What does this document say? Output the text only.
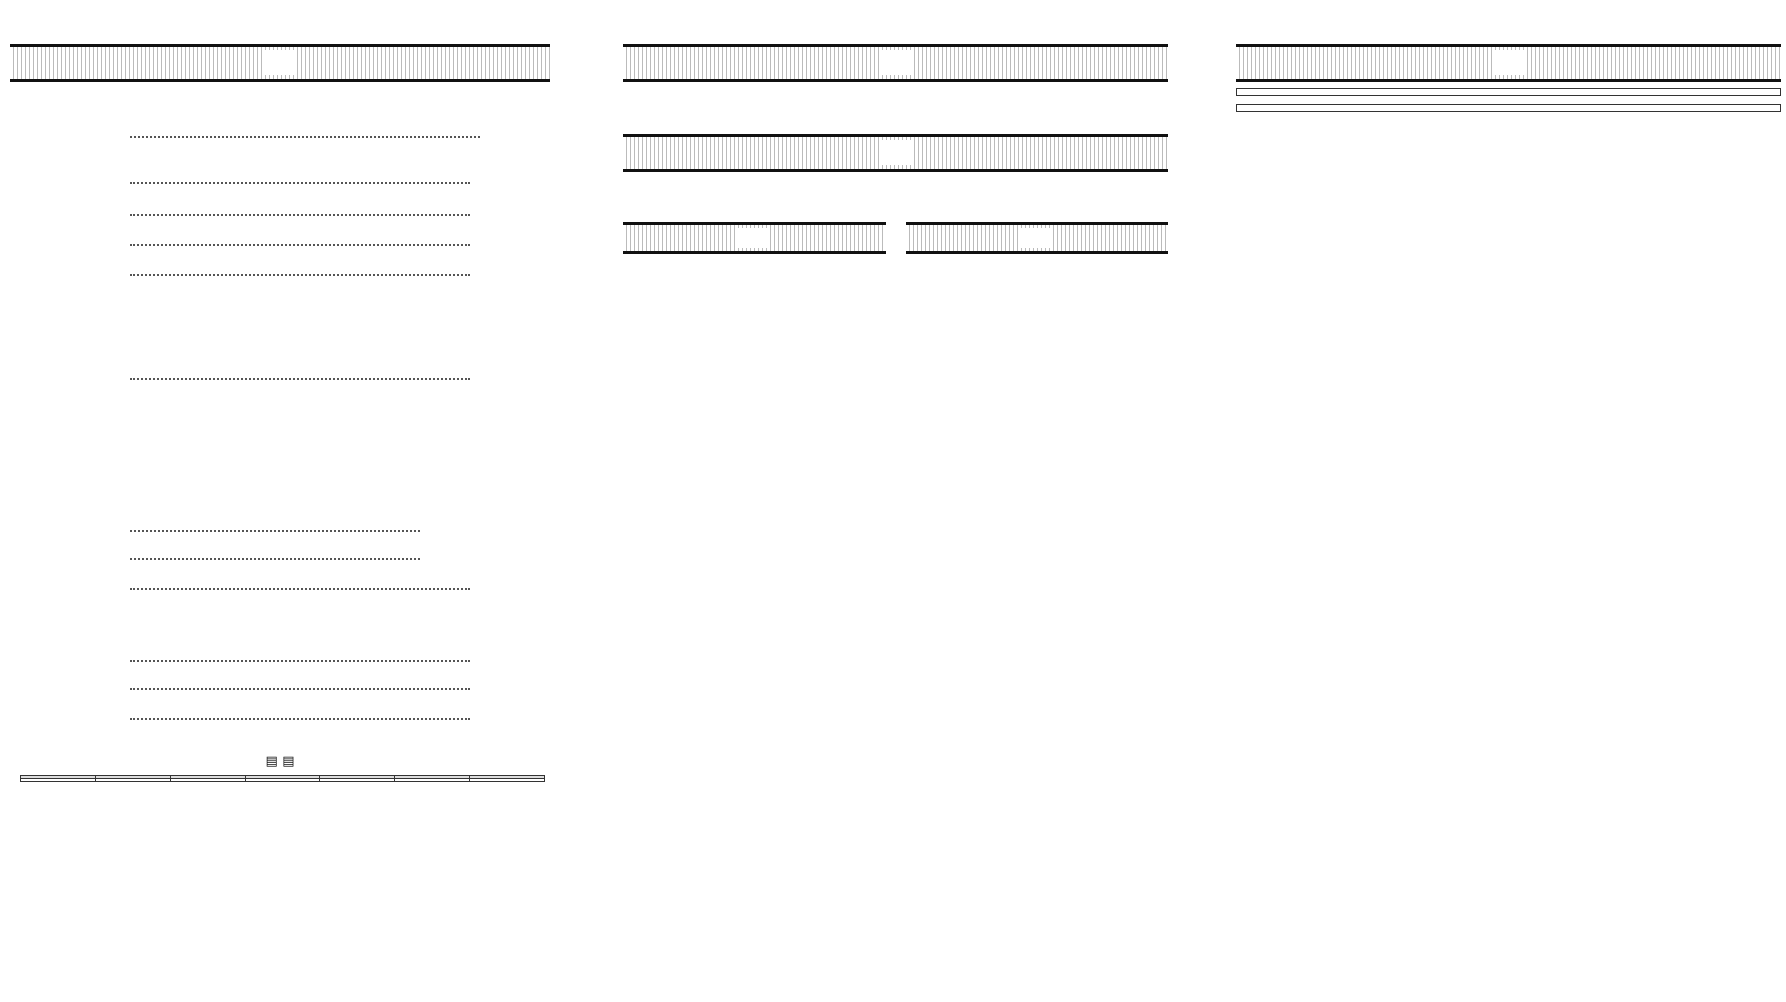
▤ ▤
